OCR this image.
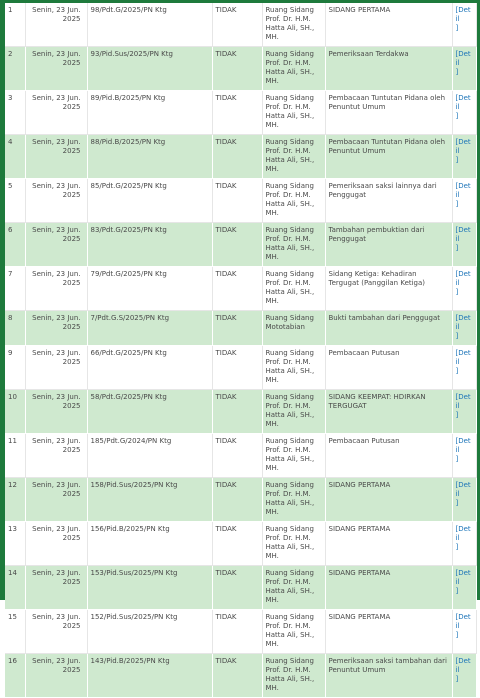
1	Senin, 23 Jun. 2025	98/Pdt.G/2025/PN Ktg	TIDAK	Ruang Sidang Prof. Dr. H.M. Hatta Ali, SH., MH.	SIDANG PERTAMA	[Detil
]
2	Senin, 23 Jun. 2025	93/Pid.Sus/2025/PN Ktg	TIDAK	Ruang Sidang Prof. Dr. H.M. Hatta Ali, SH., MH.	Pemeriksaan Terdakwa	[Detil
]
3	Senin, 23 Jun. 2025	89/Pid.B/2025/PN Ktg	TIDAK	Ruang Sidang Prof. Dr. H.M. Hatta Ali, SH., MH.	Pembacaan Tuntutan Pidana oleh Penuntut Umum	[Detil
]
4	Senin, 23 Jun. 2025	88/Pid.B/2025/PN Ktg	TIDAK	Ruang Sidang Prof. Dr. H.M. Hatta Ali, SH., MH.	Pembacaan Tuntutan Pidana oleh Penuntut Umum	[Detil
]
5	Senin, 23 Jun. 2025	85/Pdt.G/2025/PN Ktg	TIDAK	Ruang Sidang Prof. Dr. H.M. Hatta Ali, SH., MH.	Pemeriksaan saksi lainnya dari Penggugat	[Detil
]
6	Senin, 23 Jun. 2025	83/Pdt.G/2025/PN Ktg	TIDAK	Ruang Sidang Prof. Dr. H.M. Hatta Ali, SH., MH.	Tambahan pembuktian dari Penggugat	[Detil
]
7	Senin, 23 Jun. 2025	79/Pdt.G/2025/PN Ktg	TIDAK	Ruang Sidang Prof. Dr. H.M. Hatta Ali, SH., MH.	Sidang Ketiga: Kehadiran Tergugat (Panggilan Ketiga)	[Detil
]
8	Senin, 23 Jun. 2025	7/Pdt.G.S/2025/PN Ktg	TIDAK	Ruang Sidang Mototabian	Bukti tambahan dari Penggugat	[Detil
]
9	Senin, 23 Jun. 2025	66/Pdt.G/2025/PN Ktg	TIDAK	Ruang Sidang Prof. Dr. H.M. Hatta Ali, SH., MH.	Pembacaan Putusan	[Detil
]
10	Senin, 23 Jun. 2025	58/Pdt.G/2025/PN Ktg	TIDAK	Ruang Sidang Prof. Dr. H.M. Hatta Ali, SH., MH.	SIDANG KEEMPAT: HDIRKAN TERGUGAT	[Detil
]
11	Senin, 23 Jun. 2025	185/Pdt.G/2024/PN Ktg	TIDAK	Ruang Sidang Prof. Dr. H.M. Hatta Ali, SH., MH.	Pembacaan Putusan	[Detil
]
12	Senin, 23 Jun. 2025	158/Pid.Sus/2025/PN Ktg	TIDAK	Ruang Sidang Prof. Dr. H.M. Hatta Ali, SH., MH.	SIDANG PERTAMA	[Detil
]
13	Senin, 23 Jun. 2025	156/Pid.B/2025/PN Ktg	TIDAK	Ruang Sidang Prof. Dr. H.M. Hatta Ali, SH., MH.	SIDANG PERTAMA	[Detil
]
14	Senin, 23 Jun. 2025	153/Pid.Sus/2025/PN Ktg	TIDAK	Ruang Sidang Prof. Dr. H.M. Hatta Ali, SH., MH.	SIDANG PERTAMA	[Detil
]
15	Senin, 23 Jun. 2025	152/Pid.Sus/2025/PN Ktg	TIDAK	Ruang Sidang Prof. Dr. H.M. Hatta Ali, SH., MH.	SIDANG PERTAMA	[Detil
]
16	Senin, 23 Jun. 2025	143/Pid.B/2025/PN Ktg	TIDAK	Ruang Sidang Prof. Dr. H.M. Hatta Ali, SH., MH.	Pemeriksaan saksi tambahan dari Penuntut Umum	[Detil
]
